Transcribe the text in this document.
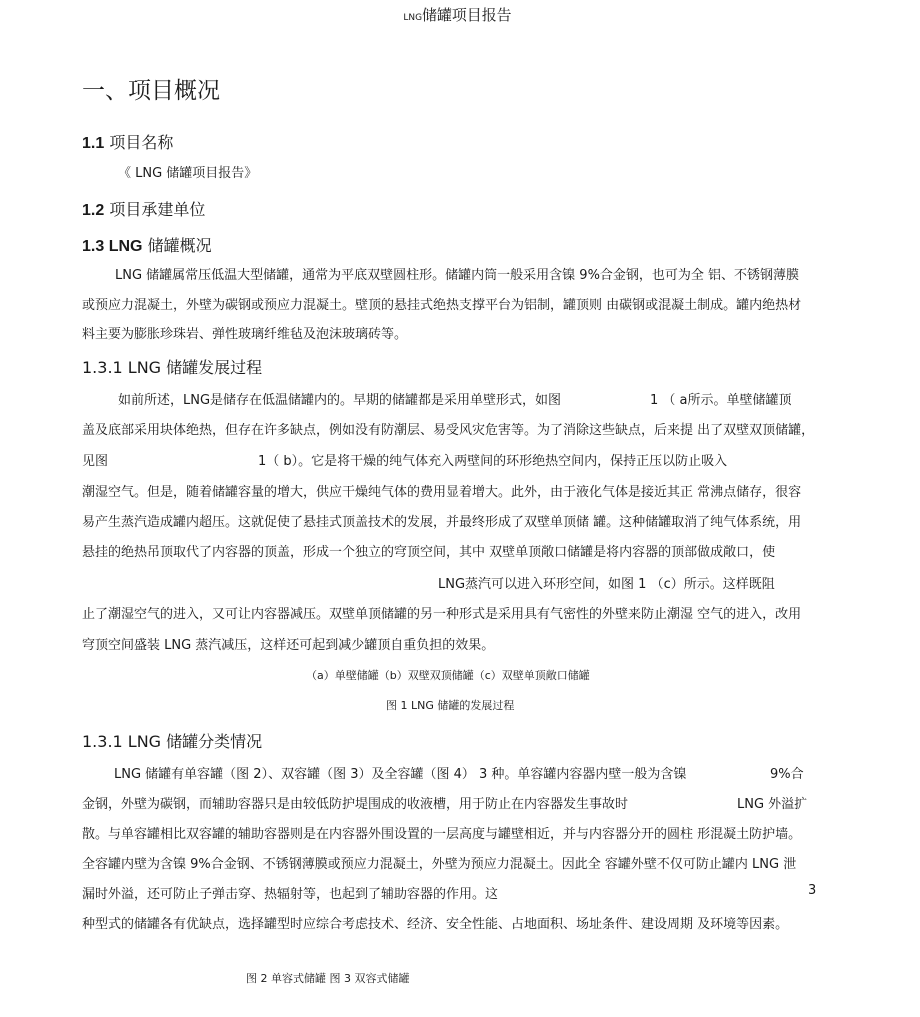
LNG储罐项目报告
一、项目概况
1.1 项目名称
《 LNG 储罐项目报告》
1.2 项目承建单位
1.3 LNG 储罐概况
LNG 储罐属常压低温大型储罐，通常为平底双壁圆柱形。储罐内筒一般采用含镍 9%合金钢，也可为全 铝、不锈钢薄膜
或预应力混凝土，外壁为碳钢或预应力混凝土。壁顶的悬挂式绝热支撑平台为铝制，罐顶则 由碳钢或混凝土制成。罐内绝热材
料主要为膨胀珍珠岩、弹性玻璃纤维毡及泡沫玻璃砖等。
1.3.1 LNG 储罐发展过程
如前所述，LNG是储存在低温储罐内的。早期的储罐都是采用单壁形式，如图	1 （ a所示。单壁储罐顶
盖及底部采用块体绝热，但存在许多缺点，例如没有防潮层、易受风灾危害等。为了消除这些缺点，后来提 出了双壁双顶储罐，
见图	1（ b）。它是将干燥的纯气体充入两壁间的环形绝热空间内，保持正压以防止吸入
潮湿空气。但是，随着储罐容量的增大，供应干燥纯气体的费用显着增大。此外，由于液化气体是接近其正 常沸点储存，很容
易产生蒸汽造成罐内超压。这就促使了悬挂式顶盖技术的发展，并最终形成了双壁单顶储 罐。这种储罐取消了纯气体系统，用
悬挂的绝热吊顶取代了内容器的顶盖，形成一个独立的穹顶空间，其中 双壁单顶敞口储罐是将内容器的顶部做成敞口，使
LNG蒸汽可以进入环形空间，如图 1 （c）所示。这样既阻
止了潮湿空气的进入，又可让内容器减压。双壁单顶储罐的另一种形式是采用具有气密性的外壁来防止潮湿 空气的进入，改用
穹顶空间盛装 LNG 蒸汽减压，这样还可起到减少罐顶自重负担的效果。
（a）单壁储罐（b）双壁双顶储罐（c）双壁单顶敞口储罐
图 1 LNG 储罐的发展过程
1.3.1 LNG 储罐分类情况
LNG 储罐有单容罐（图 2）、双容罐（图 3）及全容罐（图 4） 3 种。单容罐内容器内壁一般为含镍	9%合
金钢，外壁为碳钢，而辅助容器只是由较低防护堤围成的收液槽，用于防止在内容器发生事故时	LNG 外溢扩
散。与单容罐相比双容罐的辅助容器则是在内容器外围设置的一层高度与罐壁相近，并与内容器分开的圆柱 形混凝土防护墙。
全容罐内壁为含镍 9%合金钢、不锈钢薄膜或预应力混凝土，外壁为预应力混凝土。因此全 容罐外壁不仅可防止罐内 LNG 泄
漏时外溢，还可防止子弹击穿、热辐射等，也起到了辅助容器的作用。这	3
种型式的储罐各有优缺点，选择罐型时应综合考虑技术、经济、安全性能、占地面积、场址条件、建设周期 及环境等因素。
图 2 单容式储罐 图 3 双容式储罐
